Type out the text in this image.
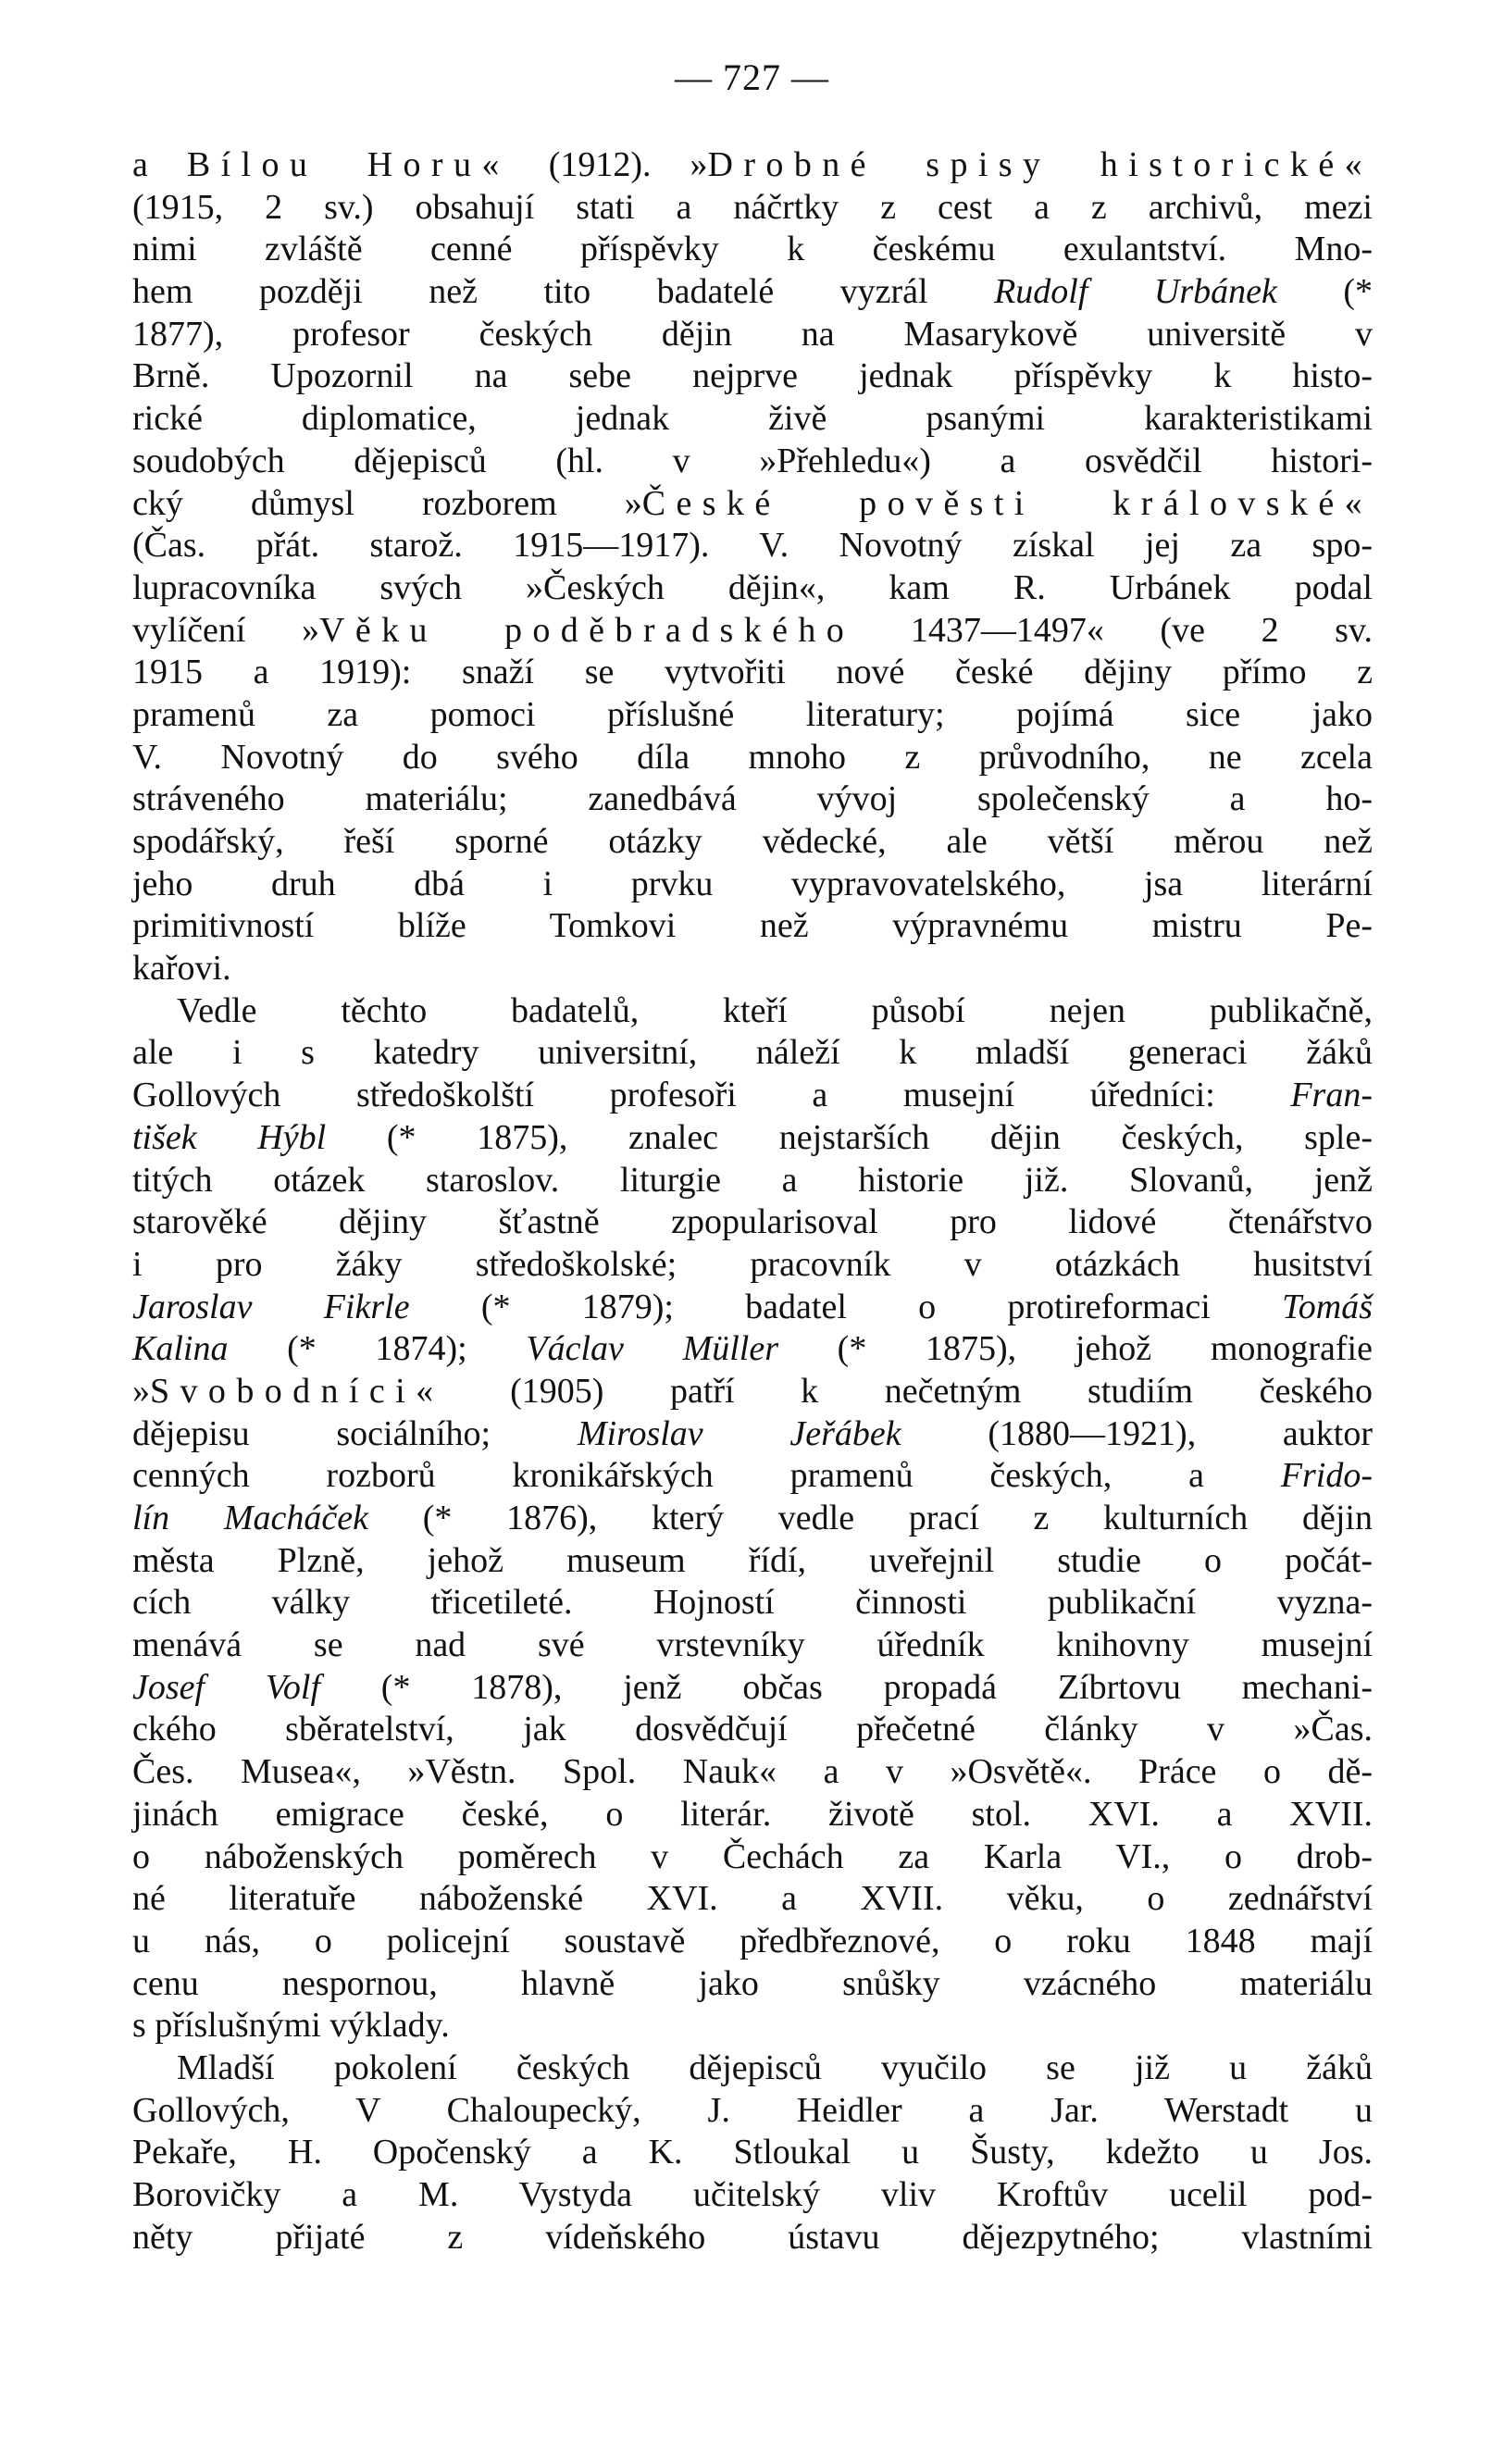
— 727 —
a Bílou Horu« (1912). »Drobné spisy historické«
(1915, 2 sv.) obsahují stati a náčrtky z cest a z archivů, mezi
nimi zvláště cenné příspěvky k českému exulantství. Mno-
hem později než tito badatelé vyzrál Rudolf Urbánek (*
1877), profesor českých dějin na Masarykově universitě v
Brně. Upozornil na sebe nejprve jednak příspěvky k histo-
rické diplomatice, jednak živě psanými karakteristikami
soudobých dějepisců (hl. v »Přehledu«) a osvědčil histori-
cký důmysl rozborem »České pověsti královské«
(Čas. přát. starož. 1915—1917). V. Novotný získal jej za spo-
lupracovníka svých »Českých dějin«, kam R. Urbánek podal
vylíčení »Věku poděbradského 1437—1497« (ve 2 sv.
1915 a 1919): snaží se vytvořiti nové české dějiny přímo z
pramenů za pomoci příslušné literatury; pojímá sice jako
V. Novotný do svého díla mnoho z průvodního, ne zcela
stráveného materiálu; zanedbává vývoj společenský a ho-
spodářský, řeší sporné otázky vědecké, ale větší měrou než
jeho druh dbá i prvku vypravovatelského, jsa literární
primitivností blíže Tomkovi než výpravnému mistru Pe-
kařovi.
Vedle těchto badatelů, kteří působí nejen publikačně,
ale i s katedry universitní, náleží k mladší generaci žáků
Gollových středoškolští profesoři a musejní úředníci: Fran-
tišek Hýbl (* 1875), znalec nejstarších dějin českých, sple-
titých otázek staroslov. liturgie a historie již. Slovanů, jenž
starověké dějiny šťastně zpopularisoval pro lidové čtenářstvo
i pro žáky středoškolské; pracovník v otázkách husitství
Jaroslav Fikrle (* 1879); badatel o protireformaci Tomáš
Kalina (* 1874); Václav Müller (* 1875), jehož monografie
»Svobodníci« (1905) patří k nečetným studiím českého
dějepisu sociálního; Miroslav Jeřábek (1880—1921), auktor
cenných rozborů kronikářských pramenů českých, a Frido-
lín Macháček (* 1876), který vedle prací z kulturních dějin
města Plzně, jehož museum řídí, uveřejnil studie o počát-
cích války třicetileté. Hojností činnosti publikační vyzna-
menává se nad své vrstevníky úředník knihovny musejní
Josef Volf (* 1878), jenž občas propadá Zíbrtovu mechani-
ckého sběratelství, jak dosvědčují přečetné články v »Čas.
Čes. Musea«, »Věstn. Spol. Nauk« a v »Osvětě«. Práce o dě-
jinách emigrace české, o literár. životě stol. XVI. a XVII.
o náboženských poměrech v Čechách za Karla VI., o drob-
né literatuře náboženské XVI. a XVII. věku, o zednářství
u nás, o policejní soustavě předbřeznové, o roku 1848 mají
cenu nespornou, hlavně jako snůšky vzácného materiálu
s příslušnými výklady.
Mladší pokolení českých dějepisců vyučilo se již u žáků
Gollových, V Chaloupecký, J. Heidler a Jar. Werstadt u
Pekaře, H. Opočenský a K. Stloukal u Šusty, kdežto u Jos.
Borovičky a M. Vystyda učitelský vliv Kroftův ucelil pod-
něty přijaté z vídeňského ústavu dějezpytného; vlastními
